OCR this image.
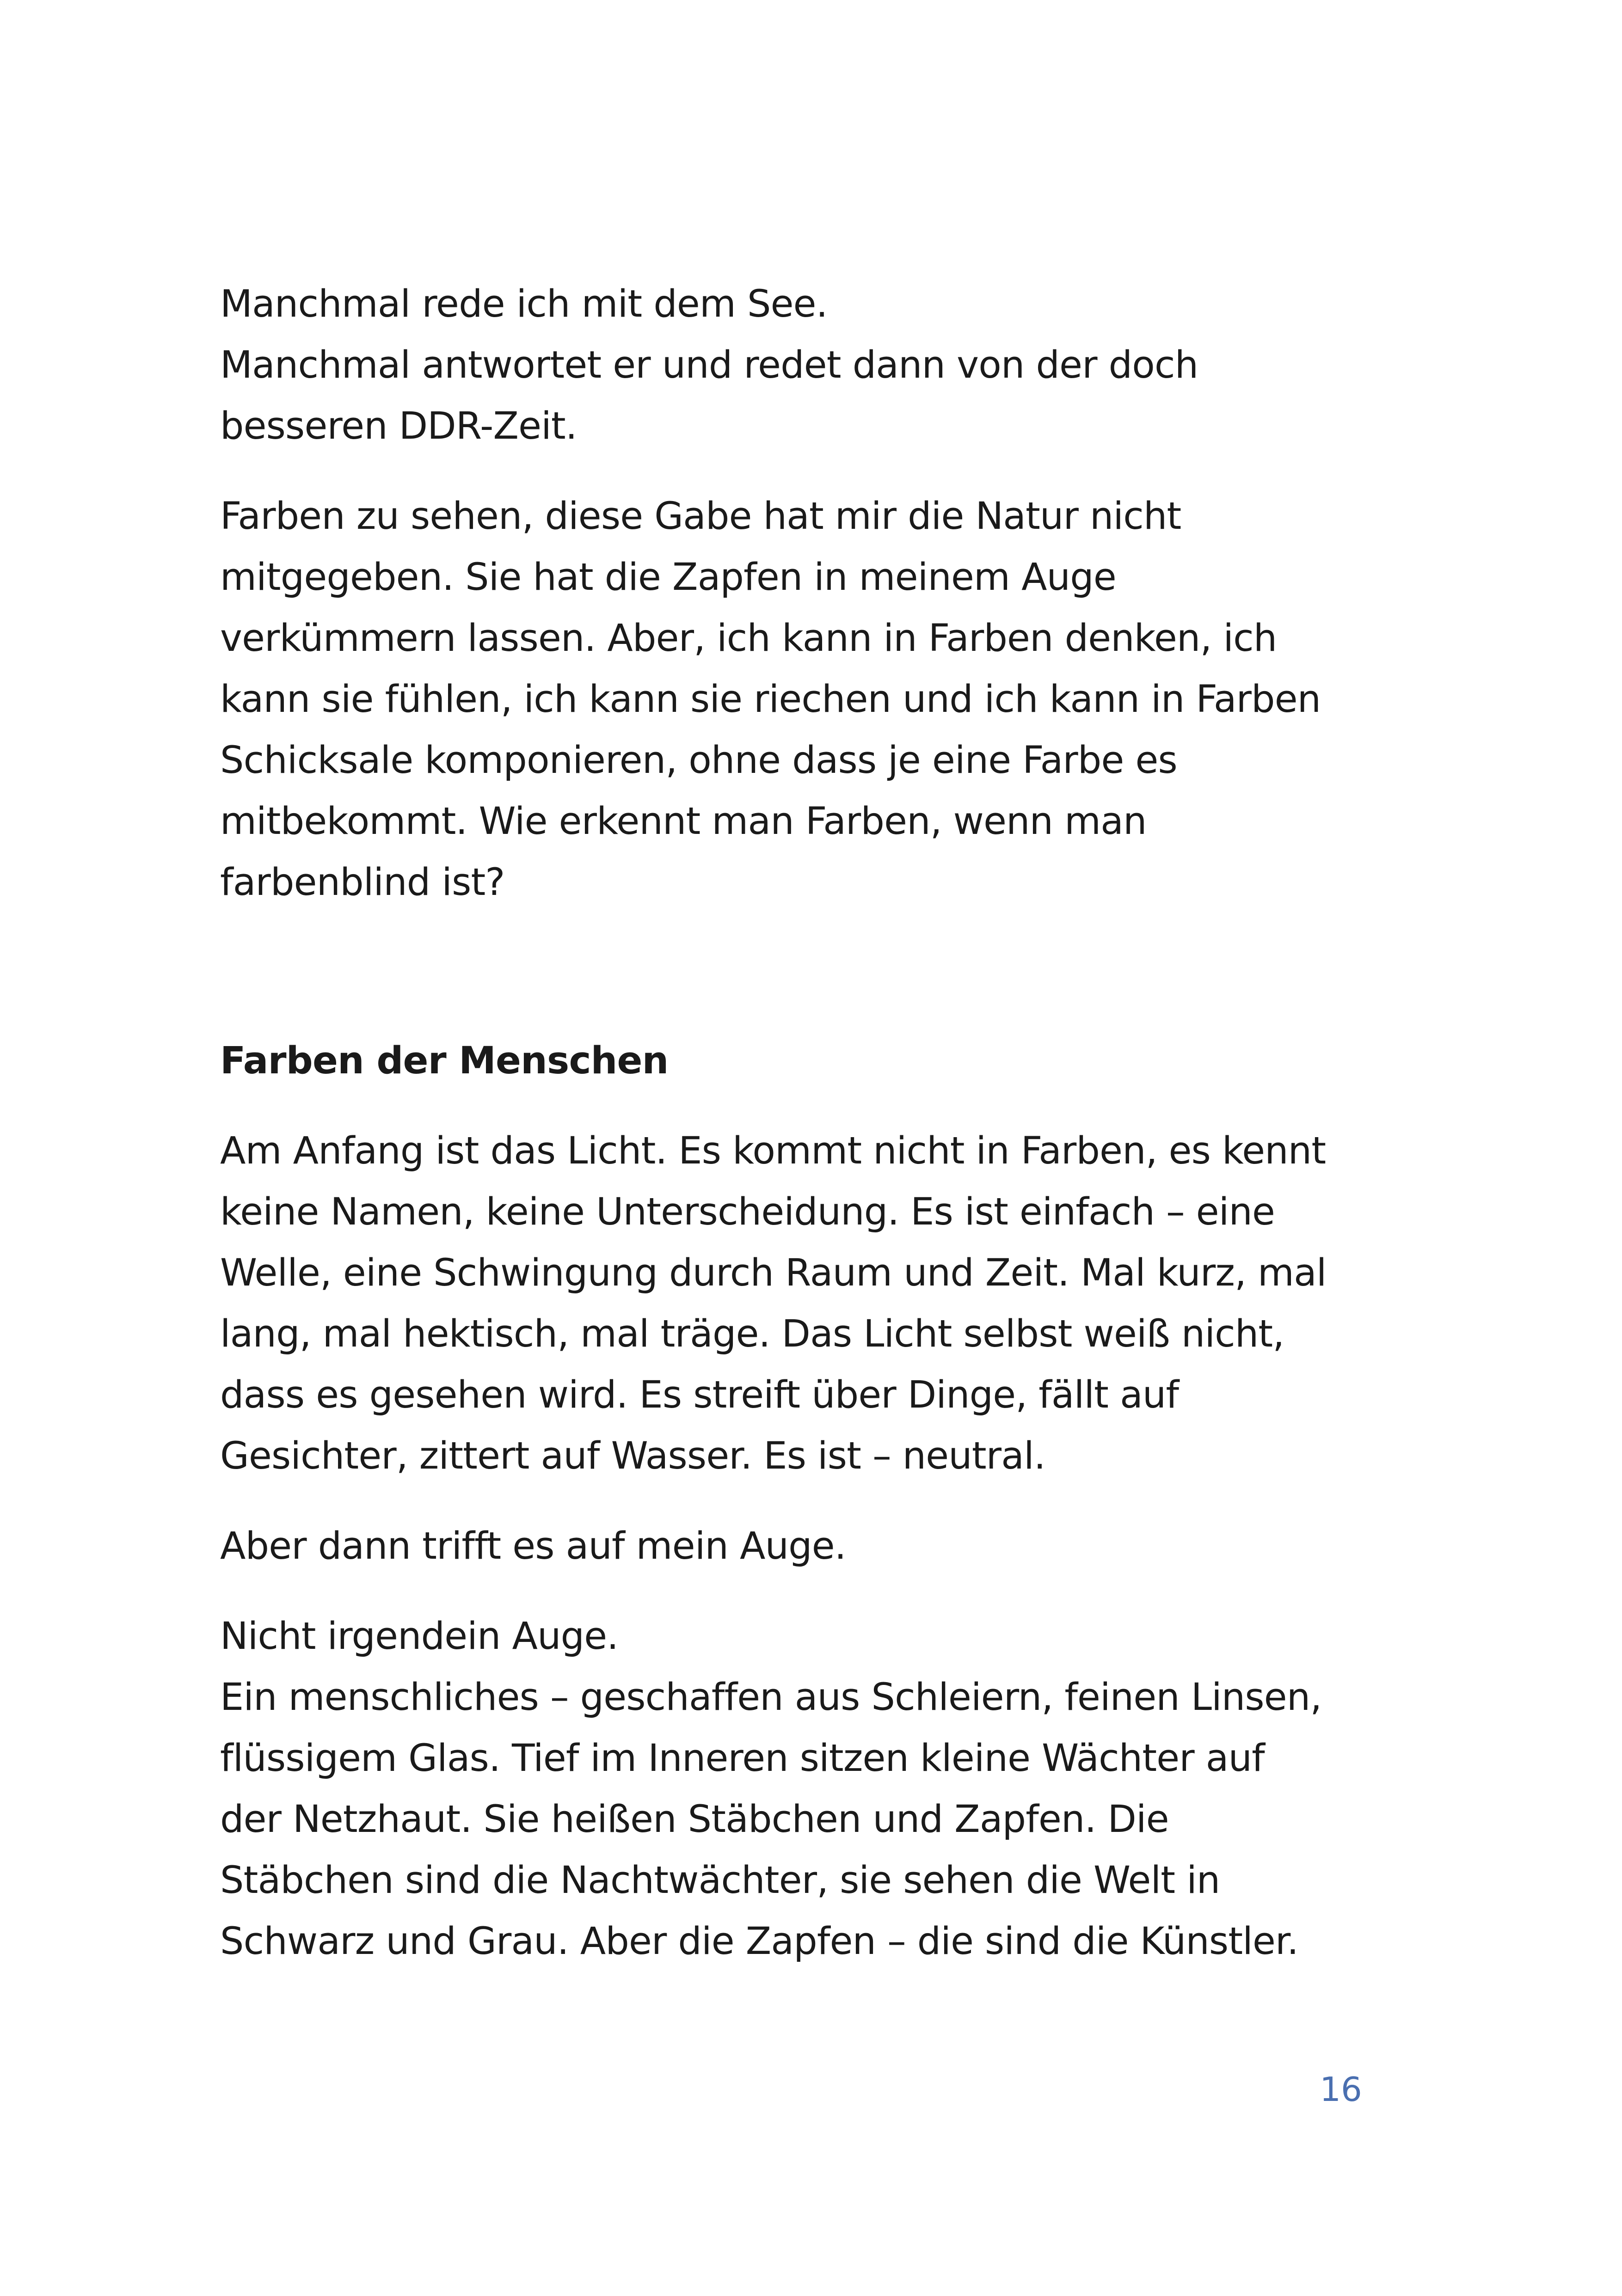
Manchmal rede ich mit dem See.
Manchmal antwortet er und redet dann von der doch
besseren DDR-Zeit.

Farben zu sehen, diese Gabe hat mir die Natur nicht
mitgegeben. Sie hat die Zapfen in meinem Auge
verkümmern lassen. Aber, ich kann in Farben denken, ich
kann sie fühlen, ich kann sie riechen und ich kann in Farben
Schicksale komponieren, ohne dass je eine Farbe es
mitbekommt. Wie erkennt man Farben, wenn man
farbenblind ist?

Farben der Menschen

Am Anfang ist das Licht. Es kommt nicht in Farben, es kennt
keine Namen, keine Unterscheidung. Es ist einfach – eine
Welle, eine Schwingung durch Raum und Zeit. Mal kurz, mal
lang, mal hektisch, mal träge. Das Licht selbst weiß nicht,
dass es gesehen wird. Es streift über Dinge, fällt auf
Gesichter, zittert auf Wasser. Es ist – neutral.

Aber dann trifft es auf mein Auge.

Nicht irgendein Auge.
Ein menschliches – geschaffen aus Schleiern, feinen Linsen,
flüssigem Glas. Tief im Inneren sitzen kleine Wächter auf
der Netzhaut. Sie heißen Stäbchen und Zapfen. Die
Stäbchen sind die Nachtwächter, sie sehen die Welt in
Schwarz und Grau. Aber die Zapfen – die sind die Künstler.

16
